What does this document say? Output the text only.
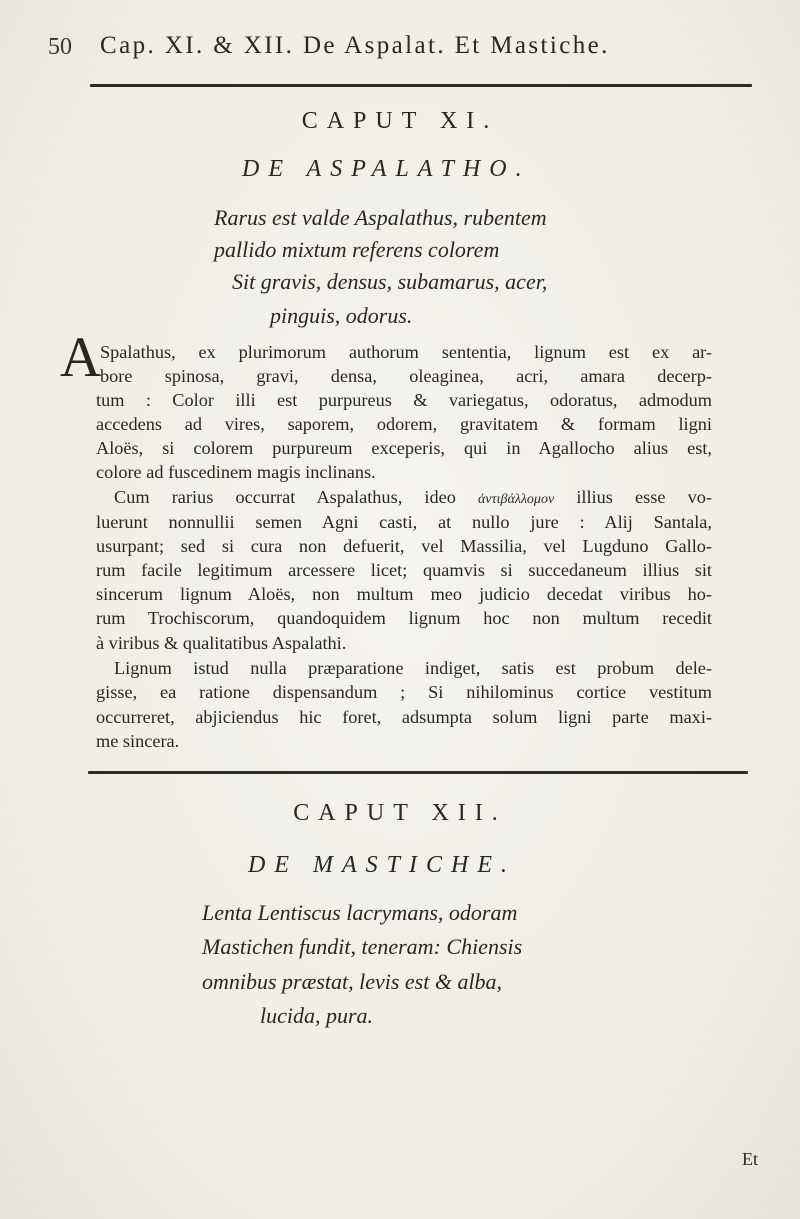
50 Cap. XI. & XII. De Aspalat. Et Mastiche.
CAPUT XI.
DE ASPALATHO.
Rarus est valde Aspalathus, rubentem
pallido mixtum referens colorem
Sit gravis, densus, subamarus, acer,
pinguis, odorus.
A
Spalathus, ex plurimorum authorum sententia, lignum est ex ar-
bore spinosa, gravi, densa, oleaginea, acri, amara decerp-
tum : Color illi est purpureus & variegatus, odoratus, admodum
accedens ad vires, saporem, odorem, gravitatem & formam ligni
Aloës, si colorem purpureum exceperis, qui in Agallocho alius est,
colore ad fuscedinem magis inclinans.
Cum rarius occurrat Aspalathus, ideo ἀντιβάλλομον illius esse vo-
luerunt nonnullii semen Agni casti, at nullo jure : Alij Santala,
usurpant; sed si cura non defuerit, vel Massilia, vel Lugduno Gallo-
rum facile legitimum arcessere licet; quamvis si succedaneum illius sit
sincerum lignum Aloës, non multum meo judicio decedat viribus ho-
rum Trochiscorum, quandoquidem lignum hoc non multum recedit
à viribus & qualitatibus Aspalathi.
Lignum istud nulla præparatione indiget, satis est probum dele-
gisse, ea ratione dispensandum ; Si nihilominus cortice vestitum
occurreret, abjiciendus hic foret, adsumpta solum ligni parte maxi-
me sincera.
CAPUT XII.
DE MASTICHE.
Lenta Lentiscus lacrymans, odoram
Mastichen fundit, teneram: Chiensis
omnibus præstat, levis est & alba,
lucida, pura.
Et
